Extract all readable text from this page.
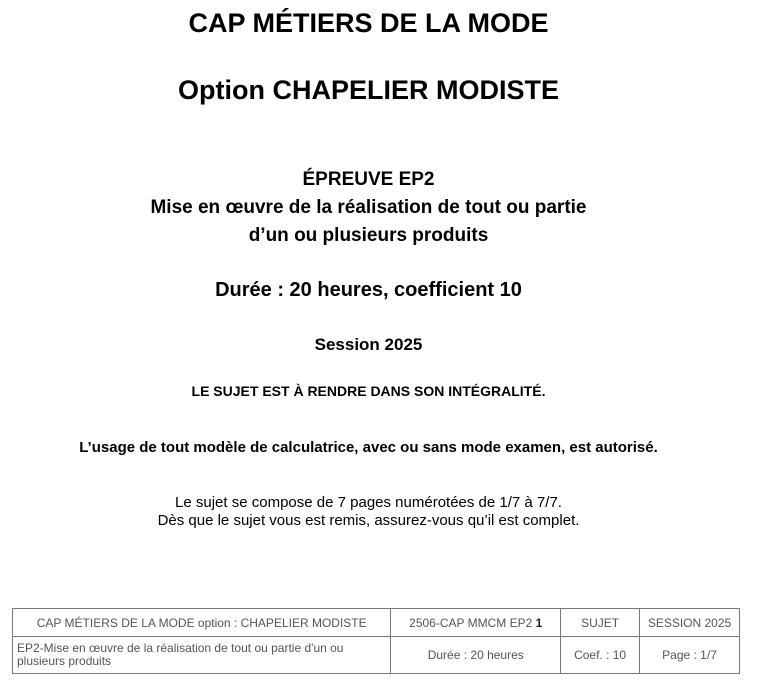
CAP MÉTIERS DE LA MODE
Option CHAPELIER MODISTE
ÉPREUVE EP2
Mise en œuvre de la réalisation de tout ou partie
d’un ou plusieurs produits
Durée : 20 heures, coefficient 10
Session 2025
LE SUJET EST À RENDRE DANS SON INTÉGRALITÉ.
L’usage de tout modèle de calculatrice, avec ou sans mode examen, est autorisé.
Le sujet se compose de 7 pages numérotées de 1/7 à 7/7.
Dès que le sujet vous est remis, assurez-vous qu’il est complet.
CAP MÉTIERS DE LA MODE option : CHAPELIER MODISTE	2506-CAP MMCM EP2 1	SUJET	SESSION 2025
EP2-Mise en œuvre de la réalisation de tout ou partie d'un ou plusieurs produits	Durée : 20 heures	Coef. : 10	Page : 1/7
